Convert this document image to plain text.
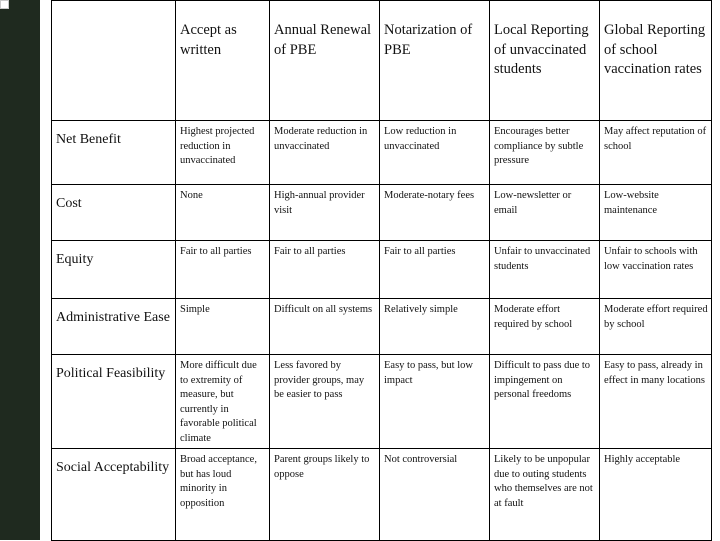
	Accept as written	Annual Renewal of PBE	Notarization of PBE	Local Reporting of unvaccinated students	Global Reporting of school vaccination rates
Net Benefit	Highest projected reduction in unvaccinated	Moderate reduction in unvaccinated	Low reduction in unvaccinated	Encourages better compliance by subtle pressure	May affect reputation of school
Cost	None	High-annual provider visit	Moderate-notary fees	Low-newsletter or email	Low-website maintenance
Equity	Fair to all parties	Fair to all parties	Fair to all parties	Unfair to unvaccinated students	Unfair to schools with low vaccination rates
Administrative Ease	Simple	Difficult on all systems	Relatively simple	Moderate effort required by school	Moderate effort required by school
Political Feasibility	More difficult due to extremity of measure, but currently in favorable political climate	Less favored by provider groups, may be easier to pass	Easy to pass, but low impact	Difficult to pass due to impingement on personal freedoms	Easy to pass, already in effect in many locations
Social Acceptability	Broad acceptance, but has loud minority in opposition	Parent groups likely to oppose	Not controversial	Likely to be unpopular due to outing students who themselves are not at fault	Highly acceptable
